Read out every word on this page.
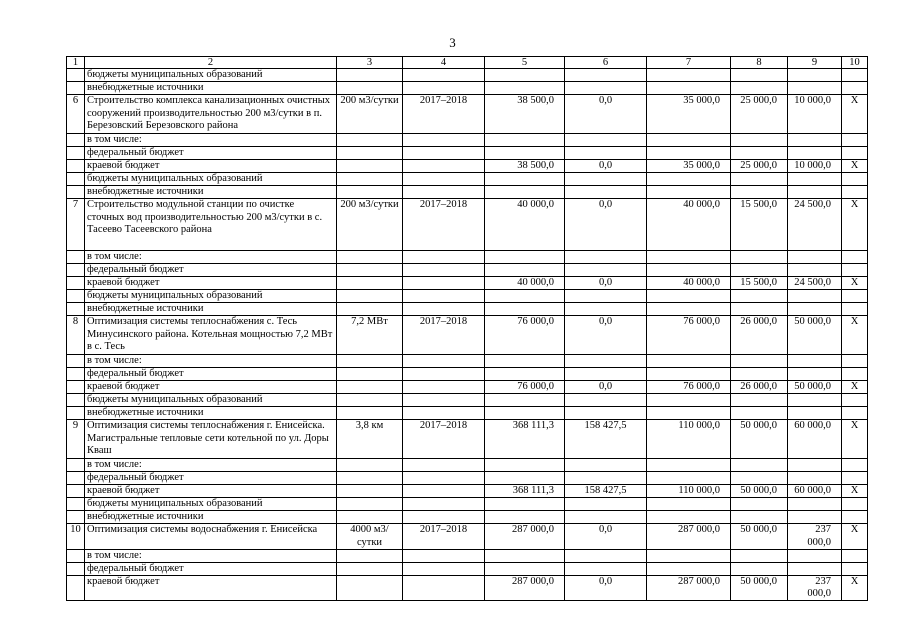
3
1	2	3	4	5	6	7	8	9	10
	бюджеты муниципальных образований								
	внебюджетные источники								
6	Строительство комплекса канализационных очистных сооружений производительностью 200 м3/сутки в п. Березовский Березовского района	200 м3/сутки	2017–2018	38 500,0	0,0	35 000,0	25 000,0	10 000,0	X
	в том числе:								
	федеральный бюджет								
	краевой бюджет			38 500,0	0,0	35 000,0	25 000,0	10 000,0	X
	бюджеты муниципальных образований								
	внебюджетные источники								
7	Строительство модульной станции по очистке сточных вод производительностью 200 м3/сутки в с. Тасеево Тасеевского района	200 м3/сутки	2017–2018	40 000,0	0,0	40 000,0	15 500,0	24 500,0	X
	в том числе:								
	федеральный бюджет								
	краевой бюджет			40 000,0	0,0	40 000,0	15 500,0	24 500,0	X
	бюджеты муниципальных образований								
	внебюджетные источники								
8	Оптимизация системы теплоснабжения с. Тесь Минусинского района. Котельная мощностью 7,2 МВт в с. Тесь	7,2 МВт	2017–2018	76 000,0	0,0	76 000,0	26 000,0	50 000,0	X
	в том числе:								
	федеральный бюджет								
	краевой бюджет			76 000,0	0,0	76 000,0	26 000,0	50 000,0	X
	бюджеты муниципальных образований								
	внебюджетные источники								
9	Оптимизация системы теплоснабжения г. Енисейска. Магистральные тепловые сети котельной по ул. Доры Кваш	3,8 км	2017–2018	368 111,3	158 427,5	110 000,0	50 000,0	60 000,0	X
	в том числе:								
	федеральный бюджет								
	краевой бюджет			368 111,3	158 427,5	110 000,0	50 000,0	60 000,0	X
	бюджеты муниципальных образований								
	внебюджетные источники								
10	Оптимизация системы водоснабжения г. Енисейска	4000 м3/сутки	2017–2018	287 000,0	0,0	287 000,0	50 000,0	237 000,0	X
	в том числе:								
	федеральный бюджет								
	краевой бюджет			287 000,0	0,0	287 000,0	50 000,0	237 000,0	X
